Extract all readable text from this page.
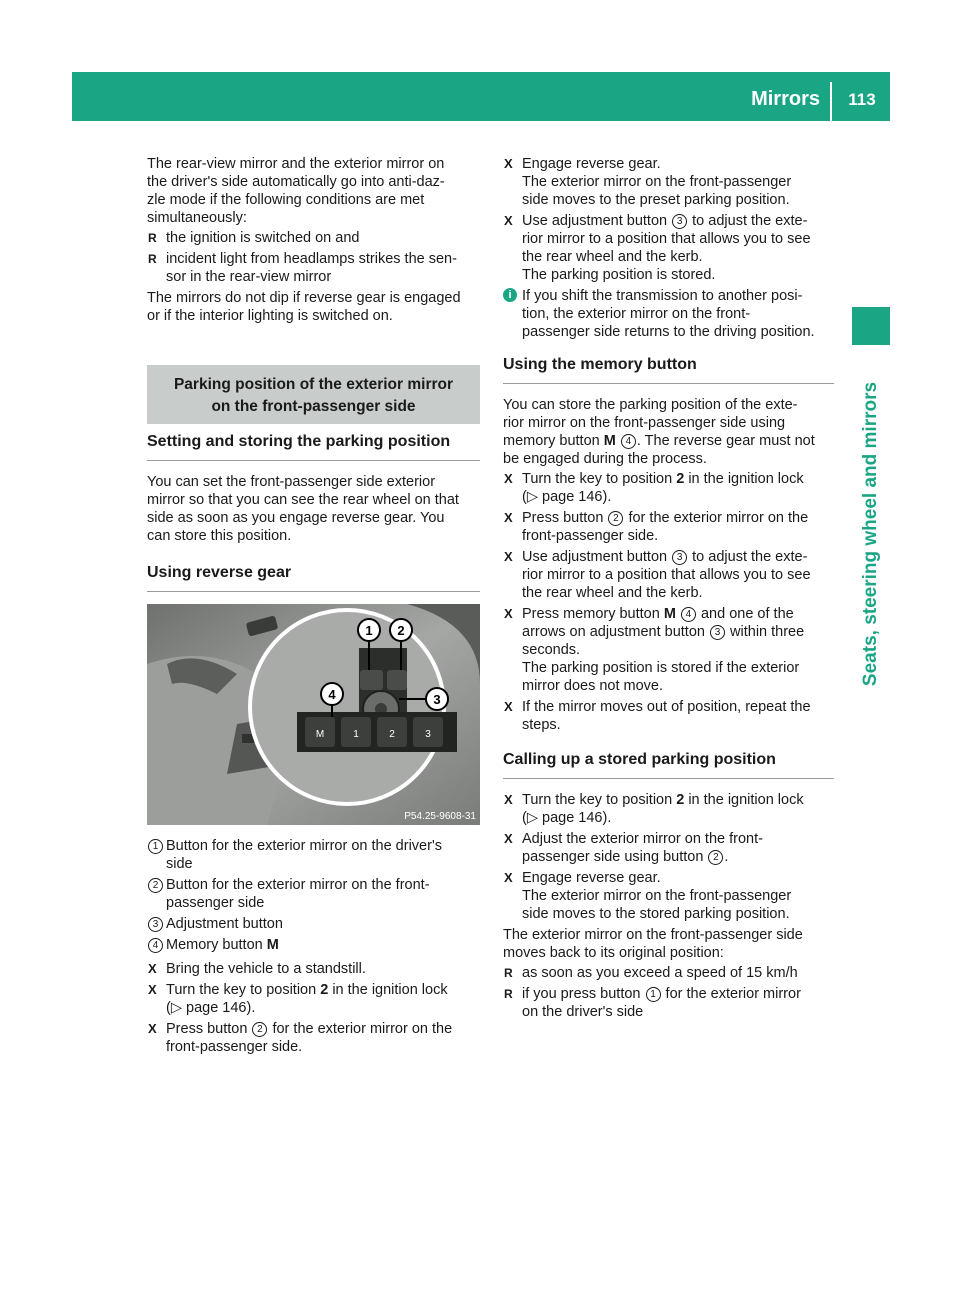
Mirrors	113
Seats, steering wheel and mirrors

The rear-view mirror and the exterior mirror on
the driver's side automatically go into anti-daz-
zle mode if the following conditions are met
simultaneously:

R the ignition is switched on and
R incident light from headlamps strikes the sen-
sor in the rear-view mirror

The mirrors do not dip if reverse gear is engaged
or if the interior lighting is switched on.

Parking position of the exterior mirror
on the front-passenger side
Setting and storing the parking position

You can set the front-passenger side exterior
mirror so that you can see the rear wheel on that
side as soon as you engage reverse gear. You
can store this position.

Using reverse gear
M	1	2	3
1 2
3
4
P54.25-9608-31
1 Button for the exterior mirror on the driver's
side
2 Button for the exterior mirror on the front-
passenger side
3 Adjustment button
4 Memory button M
X Bring the vehicle to a standstill.
X Turn the key to position 2 in the ignition lock
(▷ page 146).
X Press button 2 for the exterior mirror on the
front-passenger side.
X Engage reverse gear.
The exterior mirror on the front-passenger
side moves to the preset parking position.
X Use adjustment button 3 to adjust the exte-
rior mirror to a position that allows you to see
the rear wheel and the kerb.
The parking position is stored.
i If you shift the transmission to another posi-
tion, the exterior mirror on the front-
passenger side returns to the driving position.
Using the memory button

You can store the parking position of the exte-
rior mirror on the front-passenger side using
memory button M 4 . The reverse gear must not
be engaged during the process.

X Turn the key to position 2 in the ignition lock
(▷ page 146).
X Press button 2 for the exterior mirror on the
front-passenger side.
X Use adjustment button 3 to adjust the exte-
rior mirror to a position that allows you to see
the rear wheel and the kerb.
X Press memory button M 4 and one of the
arrows on adjustment button 3 within three
seconds.
The parking position is stored if the exterior
mirror does not move.
X If the mirror moves out of position, repeat the
steps.
Calling up a stored parking position
X Turn the key to position 2 in the ignition lock
(▷ page 146).
X Adjust the exterior mirror on the front-
passenger side using button 2 .
X Engage reverse gear.
The exterior mirror on the front-passenger
side moves to the stored parking position.

The exterior mirror on the front-passenger side
moves back to its original position:

R as soon as you exceed a speed of 15 km/h
R if you press button 1 for the exterior mirror
on the driver's side
